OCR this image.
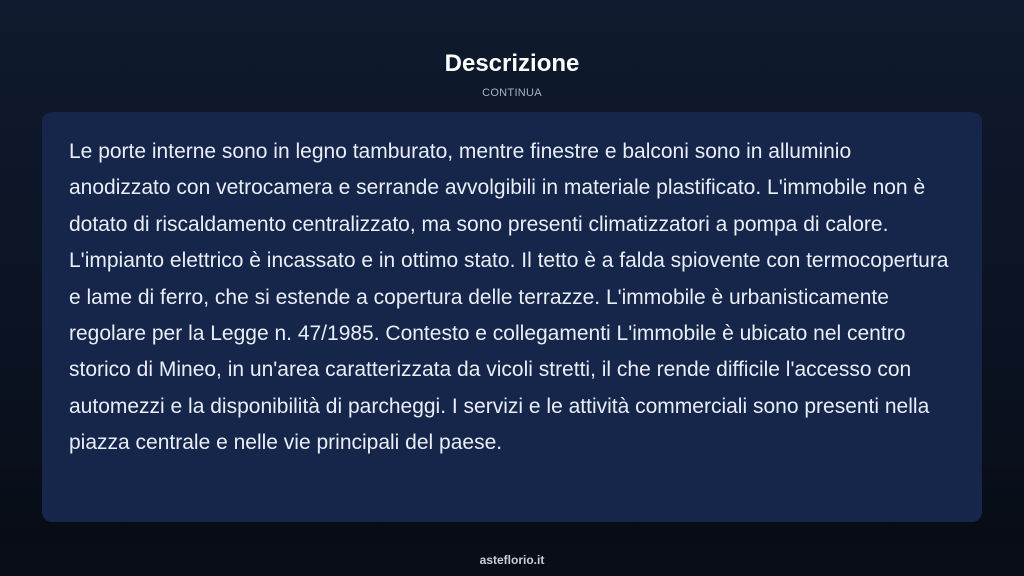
Descrizione
CONTINUA

Le porte interne sono in legno tamburato, mentre finestre e balconi sono in alluminio anodizzato con vetrocamera e serrande avvolgibili in materiale plastificato. L'immobile non è dotato di riscaldamento centralizzato, ma sono presenti climatizzatori a pompa di calore. L'impianto elettrico è incassato e in ottimo stato. Il tetto è a falda spiovente con termocopertura e lame di ferro, che si estende a copertura delle terrazze. L'immobile è urbanisticamente regolare per la Legge n. 47/1985. Contesto e collegamenti L'immobile è ubicato nel centro storico di Mineo, in un'area caratterizzata da vicoli stretti, il che rende difficile l'accesso con automezzi e la disponibilità di parcheggi. I servizi e le attività commerciali sono presenti nella piazza centrale e nelle vie principali del paese.

asteflorio.it
